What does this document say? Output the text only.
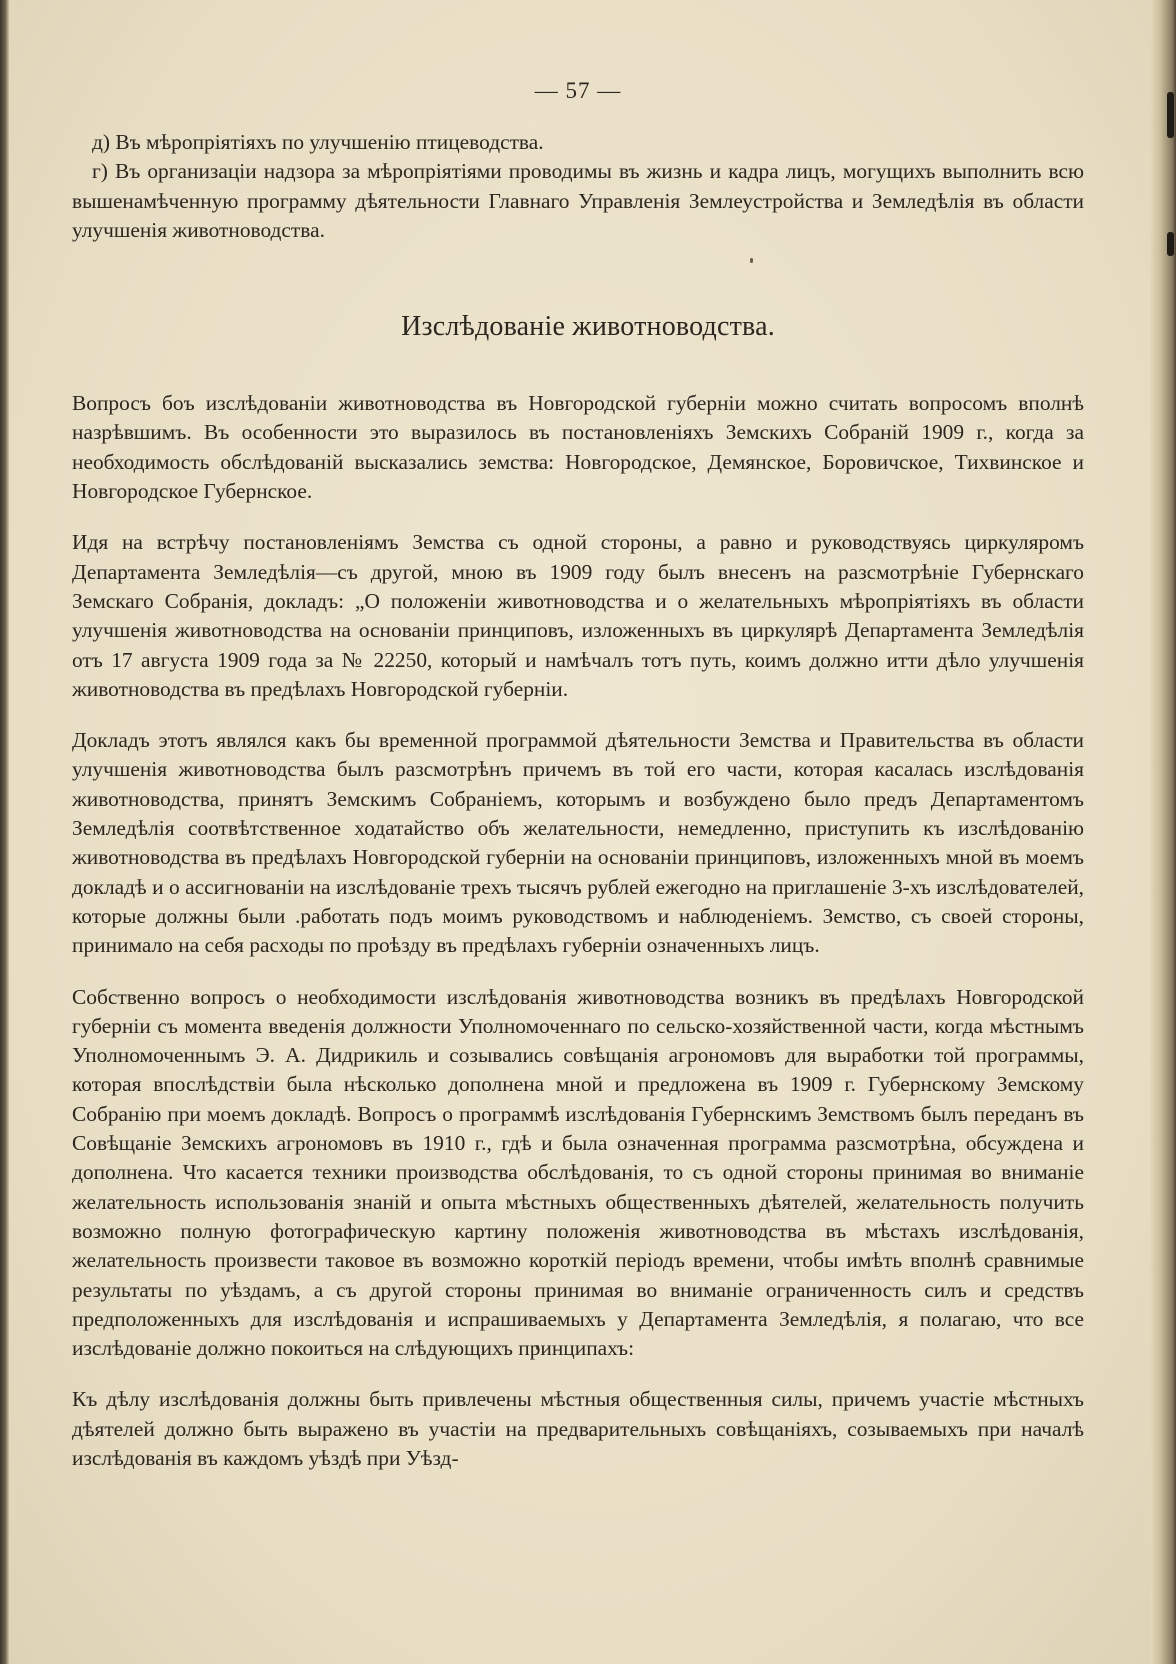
— 57 —

д) Въ мѣропріятіяхъ по улучшенію птицеводства.

г) Въ организаціи надзора за мѣропріятіями проводимы въ жизнь и кадра лицъ, могущихъ выполнить всю вышенамѣченную программу дѣятельности Главнаго Управленія Землеустройства и Земледѣлія въ области улучшенія животноводства.

Изслѣдованіе животноводства.

Вопросъ боъ изслѣдованіи животноводства въ Новгородской губерніи можно считать вопросомъ вполнѣ назрѣвшимъ. Въ особенности это выразилось въ постановленіяхъ Земскихъ Собраній 1909 г., когда за необходимость обслѣдованій высказались земства: Новгородское, Демянское, Боровичское, Тихвинское и Новгородское Губернское.

Идя на встрѣчу постановленіямъ Земства съ одной стороны, а равно и руководствуясь циркуляромъ Департамента Земледѣлія—съ другой, мною въ 1909 году былъ внесенъ на разсмотрѣніе Губернскаго Земскаго Собранія, докладъ: „О положеніи животноводства и о желательныхъ мѣропріятіяхъ въ области улучшенія животноводства на основаніи принциповъ, изложенныхъ въ циркулярѣ Департамента Земледѣлія отъ 17 августа 1909 года за № 22250, который и намѣчалъ тотъ путь, коимъ должно итти дѣло улучшенія животноводства въ предѣлахъ Новгородской губерніи.

Докладъ этотъ являлся какъ бы временной программой дѣятельности Земства и Правительства въ области улучшенія животноводства былъ разсмотрѣнъ причемъ въ той его части, которая касалась изслѣдованія животноводства, принятъ Земскимъ Собраніемъ, которымъ и возбуждено было предъ Департаментомъ Земледѣлія соотвѣтственное ходатайство объ желательности, немедленно, приступить къ изслѣдованію животноводства въ предѣлахъ Новгородской губерніи на основаніи принциповъ, изложенныхъ мной въ моемъ докладѣ и о ассигнованіи на изслѣдованіе трехъ тысячъ рублей ежегодно на приглашеніе 3-хъ изслѣдователей, которые должны были .работать подъ моимъ руководствомъ и наблюденіемъ. Земство, съ своей стороны, принимало на себя расходы по проѣзду въ предѣлахъ губерніи означенныхъ лицъ.

Собственно вопросъ о необходимости изслѣдованія животноводства возникъ въ предѣлахъ Новгородской губерніи съ момента введенія должности Уполномоченнаго по сельско-хозяйственной части, когда мѣстнымъ Уполномоченнымъ Э. А. Дидрикиль и созывались совѣщанія агрономовъ для выработки той программы, которая впослѣдствіи была нѣсколько дополнена мной и предложена въ 1909 г. Губернскому Земскому Собранію при моемъ докладѣ. Вопросъ о программѣ изслѣдованія Губернскимъ Земствомъ былъ переданъ въ Совѣщаніе Земскихъ агрономовъ въ 1910 г., гдѣ и была означенная программа разсмотрѣна, обсуждена и дополнена. Что касается техники производства обслѣдованія, то съ одной стороны принимая во вниманіе желательность использованія знаній и опыта мѣстныхъ общественныхъ дѣятелей, желательность получить возможно полную фотографическую картину положенія животноводства въ мѣстахъ изслѣдованія, желательность произвести таковое въ возможно короткій періодъ времени, чтобы имѣть вполнѣ сравнимые результаты по уѣздамъ, а съ другой стороны принимая во вниманіе ограниченность силъ и средствъ предположенныхъ для изслѣдованія и испрашиваемыхъ у Департамента Земледѣлія, я полагаю, что все изслѣдованіе должно покоиться на слѣдующихъ принципахъ:

Къ дѣлу изслѣдованія должны быть привлечены мѣстныя общественныя силы, причемъ участіе мѣстныхъ дѣятелей должно быть выражено въ участіи на предварительныхъ совѣщаніяхъ, созываемыхъ при началѣ изслѣдованія въ каждомъ уѣздѣ при Уѣзд-
